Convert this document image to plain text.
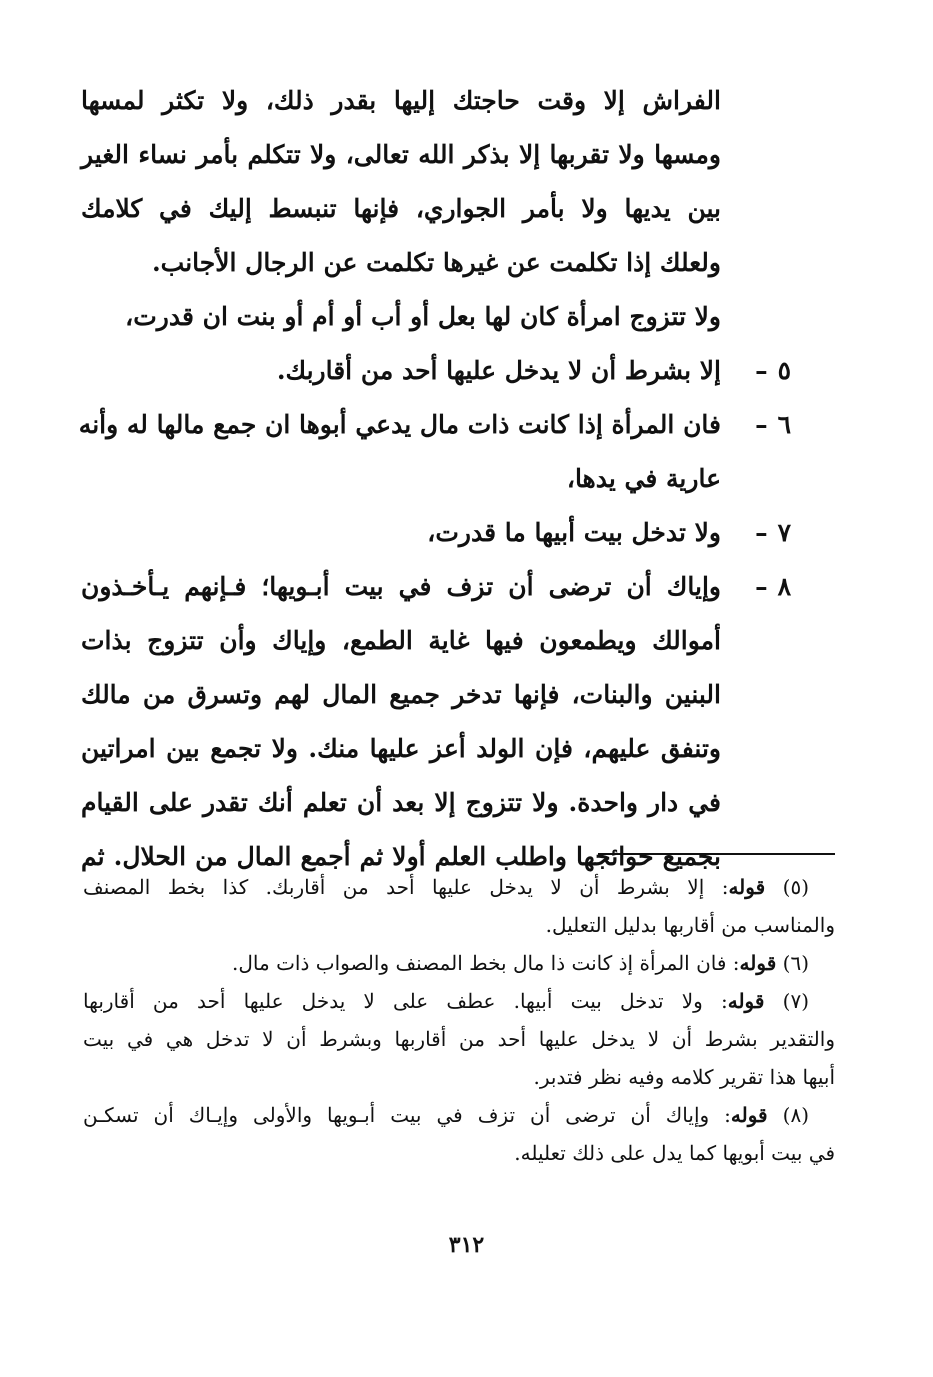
الفراش إلا وقت حاجتك إليها بقدر ذلك، ولا تكثر لمسها
ومسها ولا تقربها إلا بذكر الله تعالى، ولا تتكلم بأمر نساء الغير
بين يديها ولا بأمر الجواري، فإنها تنبسط إليك في كلامك
ولعلك إذا تكلمت عن غيرها تكلمت عن الرجال الأجانب.
ولا تتزوج امرأة كان لها بعل أو أب أو أم أو بنت ان قدرت،
٥–
إلا بشرط أن لا يدخل عليها أحد من أقاربك.
٦–
فان المرأة إذا كانت ذات مال يدعي أبوها ان جمع مالها له وأنه
عارية في يدها،
٧–
ولا تدخل بيت أبيها ما قدرت،
٨–
وإياك أن ترضى أن تزف في بيت أبـويها؛ فـإنهم يـأخـذون
أموالك ويطمعون فيها غاية الطمع، وإياك وأن تتزوج بذات
البنين والبنات، فإنها تدخر جميع المال لهم وتسرق من مالك
وتنفق عليهم، فإن الولد أعز عليها منك. ولا تجمع بين امراتين
في دار واحدة. ولا تتزوج إلا بعد أن تعلم أنك تقدر على القيام
بجميع حوائجها واطلب العلم أولا ثم أجمع المال من الحلال. ثم
(٥) قوله: إلا بشرط أن لا يدخل عليها أحد من أقاربك. كذا بخط المصنف
والمناسب من أقاربها بدليل التعليل.
(٦) قوله: فان المرأة إذ كانت ذا مال بخط المصنف والصواب ذات مال.
(٧) قوله: ولا تدخل بيت أبيها. عطف على لا يدخل عليها أحد من أقاربها
والتقدير بشرط أن لا يدخل عليها أحد من أقاربها وبشرط أن لا تدخل هي في بيت
أبيها هذا تقرير كلامه وفيه نظر فتدبر.
(٨) قوله: وإياك أن ترضى أن تزف في بيت أبـويها والأولى وإيـاك أن تسكـن
في بيت أبويها كما يدل على ذلك تعليله.
٣١٢
